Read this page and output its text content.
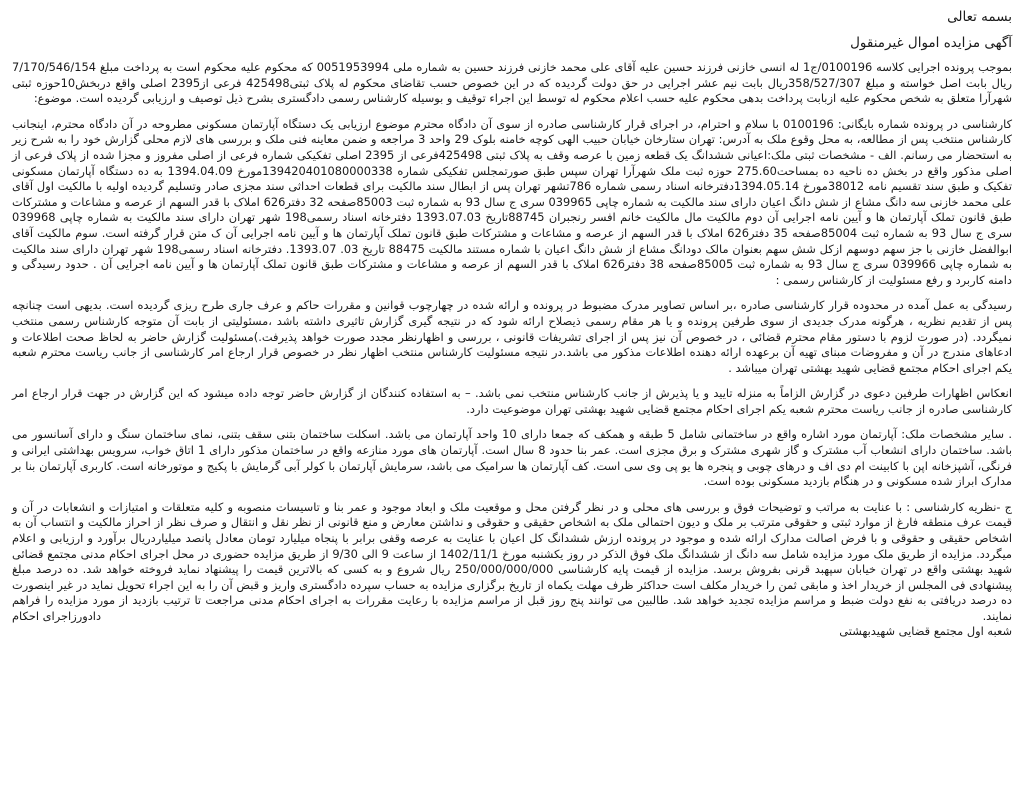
بسمه تعالی
آگهی مزایده اموال غیرمنقول

بموجب پرونده اجرایی کلاسه 0100196/ج1 له انسی خازنی فرزند حسین علیه آقای علی محمد خازنی فرزند حسین به شماره ملی 0051953994 که محکوم علیه محکوم است به پرداخت مبلغ 7/170/546/154 ریال بابت اصل خواسته و مبلغ 358/527/307ریال بابت نیم عشر اجرایی در حق دولت گردیده که در این خصوص حسب تقاضای محکوم له پلاک ثبتی425498 فرعی از2395 اصلی واقع دربخش10حوزه ثبتی شهرآرا متعلق به شخص محکوم علیه ازبابت پرداخت بدهی محکوم علیه حسب اعلام محکوم له توسط این اجراء توقیف و بوسیله کارشناس رسمی دادگستری بشرح ذیل توصیف و ارزیابی گردیده است. موضوع:

کارشناسی در پرونده شماره بایگانی: 0100196 با سلام و احترام، در اجرای قرار کارشناسی صادره از سوی آن دادگاه محترم موضوع ارزیابی یک دستگاه آپارتمان مسکونی مطروحه در آن دادگاه محترم، اینجانب کارشناس منتخب پس از مطالعه، به محل وقوع ملک به آدرس: تهران ستارخان خیابان حبیب الهی کوچه خامنه بلوک 29 واحد 3 مراجعه و ضمن معاینه فنی ملک و بررسی های لازم محلی گزارش خود را به شرح زیر به استحضار می رسانم. الف - مشخصات ثبتی ملک:اعیانی ششدانگ یک قطعه زمین با عرصه وقف به پلاک ثبتی 425498فرعی از 2395 اصلی تفکیکی شماره فرعی از اصلی مفروز و مجزا شده از پلاک فرعی از اصلی مذکور واقع در بخش ده ناحیه ده بمساحت275.60 حوزه ثبت ملک شهرآرا تهران سپس طبق صورتمجلس تفکیکی شماره 139420401080000338مورخ 1394.04.09 به ده دستگاه آپارتمان مسکونی تفکیک و طبق سند تقسیم نامه 38012مورخ 1394.05.14دفترخانه اسناد رسمی شماره 786تشهر تهران پس از ابطال سند مالکیت برای قطعات احداثی سند مجزی صادر وتسلیم گردیده اولیه با مالکیت اول آقای علی محمد خازنی سه دانگ مشاع از شش دانگ اعیان دارای سند مالکیت به شماره چاپی 039965 سری ج سال 93 به شماره ثبت 85003صفحه 32 دفتر626 املاک با قدر السهم از عرصه و مشاعات و مشترکات طبق قانون تملک آپارتمان ها و آیین نامه اجرایی آن دوم مالکیت مال مالکیت خانم افسر رنجبران 88745تاریخ 1393.07.03 دفترخانه اسناد رسمی198 شهر تهران دارای سند مالکیت به شماره چاپی 039968 سری ج سال 93 به شماره ثبت 85004صفحه 35 دفتر626 املاک با قدر السهم از عرصه و مشاعات و مشترکات طبق قانون تملک آپارتمان ها و آیین نامه اجرایی آن ک متن قرار گرفته است. سوم مالکیت آقای ابوالفضل خازنی با جز سهم دوسهم ازکل شش سهم بعنوان مالک دودانگ مشاع از شش دانگ اعیان با شماره مستند مالکیت 88475 تاریخ 03. 1393.07. دفترخانه اسناد رسمی198 شهر تهران دارای سند مالکیت به شماره چاپی 039966 سری ج سال 93 به شماره ثبت 85005صفحه 38 دفتر626 املاک با قدر السهم از عرصه و مشاعات و مشترکات طبق قانون تملک آپارتمان ها و آیین نامه اجرایی آن . حدود رسیدگی و دامنه کاربرد و رفع مسئولیت از کارشناس رسمی :

رسیدگی به عمل آمده در محدوده قرار کارشناسی صادره ،بر اساس تصاویر مدرک مضبوط در پرونده و ارائه شده در چهارچوب قوانین و مقررات حاکم و عرف جاری طرح ریزی گردیده است. بدیهی است چنانچه پس از تقدیم نظریه ، هرگونه مدرک جدیدی از سوی طرفین پرونده و یا هر مقام رسمی ذیصلاح ارائه شود که در نتیجه گیری گزارش تاثیری داشته باشد ،مسئولیتی از بابت آن متوجه کارشناس رسمی منتخب نمیگردد. (در صورت لزوم با دستور مقام محترم قضائی ، در خصوص آن نیز پس از اجرای تشریفات قانونی ، بررسی و اظهارنظر مجدد صورت خواهد پذیرفت.)مسئولیت گزارش حاضر به لحاظ صحت اطلاعات و ادعاهای مندرج در آن و مفروضات مبنای تهیه آن برعهده ارائه دهنده اطلاعات مذکور می باشد.در نتیجه مسئولیت کارشناس منتخب اظهار نظر در خصوص قرار ارجاع امر کارشناسی از جانب ریاست محترم شعبه یکم اجرای احکام مجتمع قضایی شهید بهشتی تهران میباشد .

انعکاس اظهارات طرفین دعوی در گزارش الزاماً به منزله تایید و یا پذیرش از جانب کارشناس منتخب نمی باشد. – به استفاده کنندگان از گزارش حاضر توجه داده میشود که این گزارش در جهت قرار ارجاع امر کارشناسی صادره از جانب ریاست محترم شعبه یکم اجرای احکام مجتمع قضایی شهید بهشتی تهران موضوعیت دارد.

. سایر مشخصات ملک: آپارتمان مورد اشاره واقع در ساختمانی شامل 5 طبقه و همکف که جمعا دارای 10 واحد آپارتمان می باشد. اسکلت ساختمان بتنی سقف بتنی، نمای ساختمان سنگ و دارای آسانسور می باشد. ساختمان دارای انشعاب آب مشترک و گاز شهری مشترک و برق مجزی است. عمر بنا حدود 8 سال است. آپارتمان های مورد منازعه واقع در ساختمان مذکور دارای 1 اتاق خواب، سرویس بهداشتی ایرانی و فرنگی، آشپزخانه اپن با کابینت ام دی اف و درهای چوبی و پنجره ها یو پی وی سی است. کف آپارتمان ها سرامیک می باشد، سرمایش آپارتمان با کولر آبی گرمایش با پکیج و موتورخانه است. کاربری آپارتمان بنا بر مدارک ابراز شده مسکونی و در هنگام بازدید مسکونی بوده است.

ج -نظریه کارشناسی : با عنایت به مراتب و توضیحات فوق و بررسی های محلی و در نظر گرفتن محل و موقعیت ملک و ابعاد موجود و عمر بنا و تاسیسات منصوبه و کلیه متعلقات و امتیازات و انشعابات در آن و قیمت عرف منطقه فارغ از موارد ثبتی و حقوقی مترتب بر ملک و دیون احتمالی ملک به اشخاص حقیقی و حقوقی و نداشتن معارض و منع قانونی از نظر نقل و انتقال و صرف نظر از احراز مالکیت و انتساب آن به اشخاص حقیقی و حقوقی و با فرض اصالت مدارک ارائه شده و موجود در پرونده ارزش ششدانگ کل اعیان با عنایت به عرصه وقفی برابر با پنجاه میلیارد تومان معادل پانصد میلیاردریال برآورد و ارزیابی و اعلام میگردد. مزایده از طریق ملک مورد مزایده شامل سه دانگ از ششدانگ ملک فوق الذکر در روز یکشنبه مورخ 1402/11/1 از ساعت 9 الی 9/30 از طریق مزایده حضوری در محل اجرای احکام مدنی مجتمع قضائی شهید بهشتی واقع در تهران خیابان سپهبد قرنی بفروش برسد. مزایده از قیمت پایه کارشناسی 250/000/000/000 ریال شروع و به کسی که بالاترین قیمت را پیشنهاد نماید فروخته خواهد شد. ده درصد مبلغ پیشنهادی فی المجلس از خریدار اخذ و مابقی ثمن را خریدار مکلف است حداکثر ظرف مهلت یکماه از تاریخ برگزاری مزایده به حساب سپرده دادگستری واریز و قبض آن را به این اجراء تحویل نماید در غیر اینصورت ده درصد دریافتی به نفع دولت ضبط و مراسم مزایده تجدید خواهد شد. طالبین می توانند پنج روز قبل از مراسم مزایده با رعایت مقررات به اجرای احکام مدنی مراجعت تا ترتیب بازدید از مورد مزایده را فراهم نمایند.

دادورزاجرای احکام
شعبه اول مجتمع قضایی شهیدبهشتی
